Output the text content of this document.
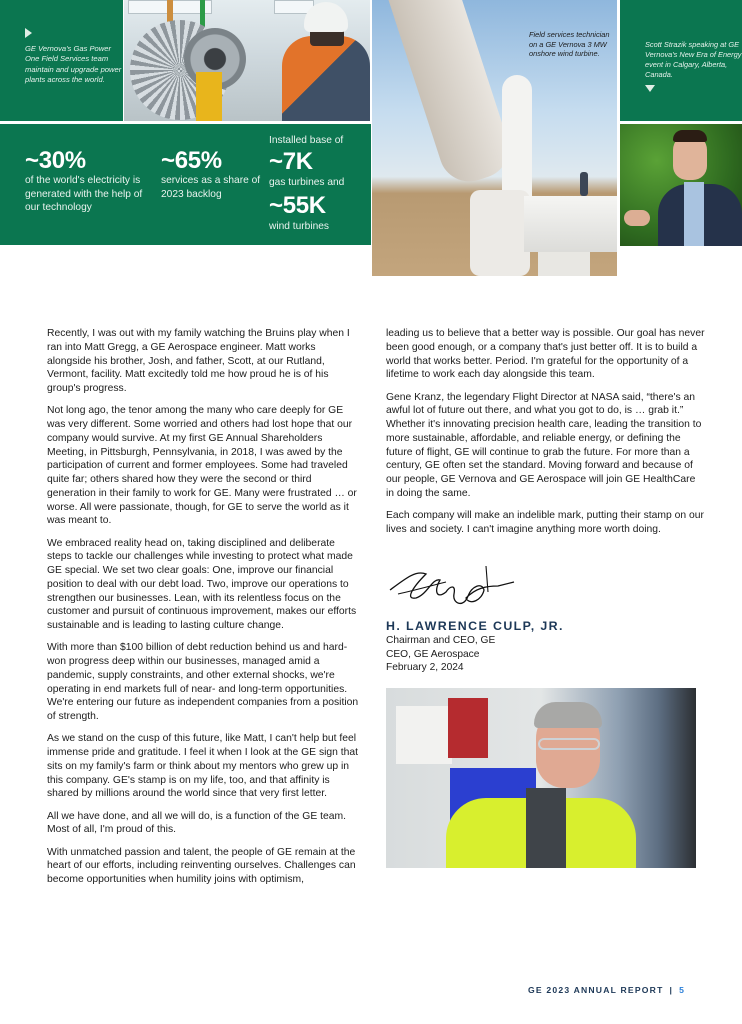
GE Vernova's Gas Power One Field Services team maintain and upgrade power plants across the world.
Field services technician on a GE Vernova 3 MW onshore wind turbine.
Scott Strazik speaking at GE Vernova's New Era of Energy event in Calgary, Alberta, Canada.
~30%
of the world's electricity is generated with the help of our technology
~65%
services as a share of 2023 backlog
Installed base of
~7K
gas turbines and
~55K
wind turbines

Recently, I was out with my family watching the Bruins play when I ran into Matt Gregg, a GE Aerospace engineer. Matt works alongside his brother, Josh, and father, Scott, at our Rutland, Vermont, facility. Matt excitedly told me how proud he is of his group's progress.

Not long ago, the tenor among the many who care deeply for GE was very different. Some worried and others had lost hope that our company would survive. At my first GE Annual Shareholders Meeting, in Pittsburgh, Pennsylvania, in 2018, I was awed by the participation of current and former employees. Some had traveled quite far; others shared how they were the second or third generation in their family to work for GE. Many were frustrated … or worse. All were passionate, though, for GE to serve the world as it was meant to.

We embraced reality head on, taking disciplined and deliberate steps to tackle our challenges while investing to protect what made GE special. We set two clear goals: One, improve our financial position to deal with our debt load. Two, improve our operations to strengthen our businesses. Lean, with its relentless focus on the customer and pursuit of continuous improvement, makes our efforts sustainable and is leading to lasting culture change.

With more than $100 billion of debt reduction behind us and hard-won progress deep within our businesses, managed amid a pandemic, supply constraints, and other external shocks, we're operating in end markets full of near- and long-term opportunities. We're entering our future as independent companies from a position of strength.

As we stand on the cusp of this future, like Matt, I can't help but feel immense pride and gratitude. I feel it when I look at the GE sign that sits on my family's farm or think about my mentors who grew up in this company. GE's stamp is on my life, too, and that affinity is shared by millions around the world since that very first letter.

All we have done, and all we will do, is a function of the GE team. Most of all, I'm proud of this.

With unmatched passion and talent, the people of GE remain at the heart of our efforts, including reinventing ourselves. Challenges can become opportunities when humility joins with optimism,

leading us to believe that a better way is possible. Our goal has never been good enough, or a company that's just better off. It is to build a world that works better. Period. I'm grateful for the opportunity of a lifetime to work each day alongside this team.

Gene Kranz, the legendary Flight Director at NASA said, “there's an awful lot of future out there, and what you got to do, is … grab it.” Whether it's innovating precision health care, leading the transition to more sustainable, affordable, and reliable energy, or defining the future of flight, GE will continue to grab the future. For more than a century, GE often set the standard. Moving forward and because of our people, GE Vernova and GE Aerospace will join GE HealthCare in doing the same.

Each company will make an indelible mark, putting their stamp on our lives and society. I can't imagine anything more worth doing.

H. LAWRENCE CULP, JR.
Chairman and CEO, GE
CEO, GE Aerospace
February 2, 2024
GE 2023 ANNUAL REPORT | 5
